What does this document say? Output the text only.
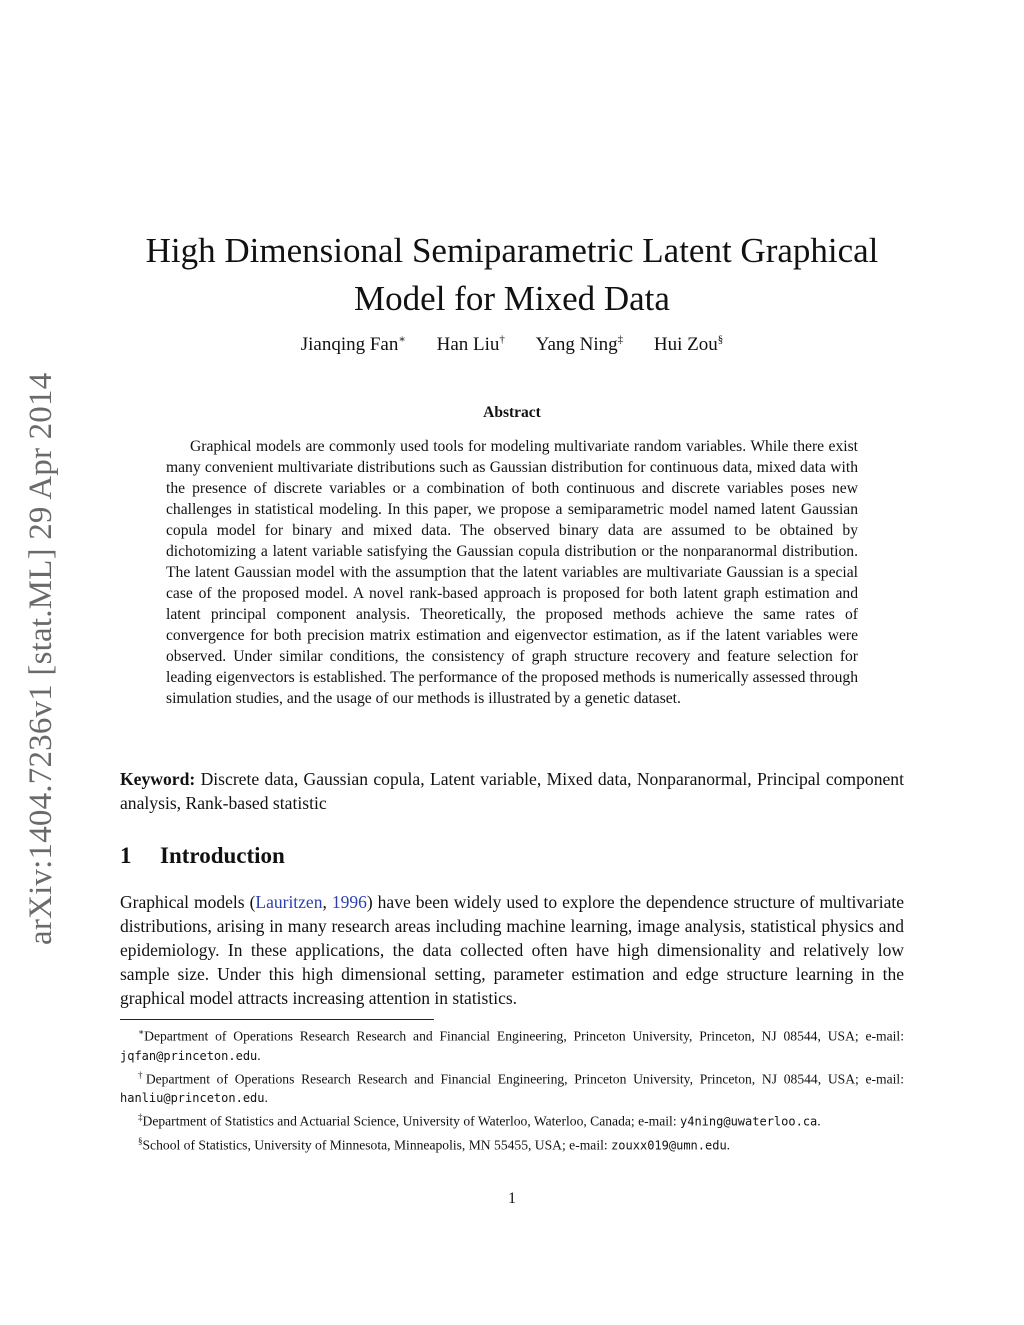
arXiv:1404.7236v1 [stat.ML] 29 Apr 2014
High Dimensional Semiparametric Latent Graphical
Model for Mixed Data
Jianqing Fan∗ Han Liu† Yang Ning‡ Hui Zou§
Abstract

Graphical models are commonly used tools for modeling multivariate random variables. While there exist many convenient multivariate distributions such as Gaussian distribution for continuous data, mixed data with the presence of discrete variables or a combination of both continuous and discrete variables poses new challenges in statistical modeling. In this paper, we propose a semiparametric model named latent Gaussian copula model for binary and mixed data. The observed binary data are assumed to be obtained by dichotomizing a latent variable satisfying the Gaussian copula distribution or the nonparanormal distribution. The latent Gaussian model with the assumption that the latent variables are multivariate Gaussian is a special case of the proposed model. A novel rank-based approach is proposed for both latent graph estimation and latent principal component analysis. Theoretically, the proposed methods achieve the same rates of convergence for both precision matrix estimation and eigenvector estimation, as if the latent variables were observed. Under similar conditions, the consistency of graph structure recovery and feature selection for leading eigenvectors is established. The performance of the proposed methods is numerically assessed through simulation studies, and the usage of our methods is illustrated by a genetic dataset.

Keyword: Discrete data, Gaussian copula, Latent variable, Mixed data, Nonparanormal, Principal component analysis, Rank-based statistic

1 Introduction

Graphical models (Lauritzen, 1996) have been widely used to explore the dependence structure of multivariate distributions, arising in many research areas including machine learning, image analysis, statistical physics and epidemiology. In these applications, the data collected often have high dimensionality and relatively low sample size. Under this high dimensional setting, parameter estimation and edge structure learning in the graphical model attracts increasing attention in statistics.

∗Department of Operations Research Research and Financial Engineering, Princeton University, Princeton, NJ 08544, USA; e-mail: jqfan@princeton.edu.

†Department of Operations Research Research and Financial Engineering, Princeton University, Princeton, NJ 08544, USA; e-mail: hanliu@princeton.edu.

‡Department of Statistics and Actuarial Science, University of Waterloo, Waterloo, Canada; e-mail: y4ning@uwaterloo.ca.

§School of Statistics, University of Minnesota, Minneapolis, MN 55455, USA; e-mail: zouxx019@umn.edu.

1
